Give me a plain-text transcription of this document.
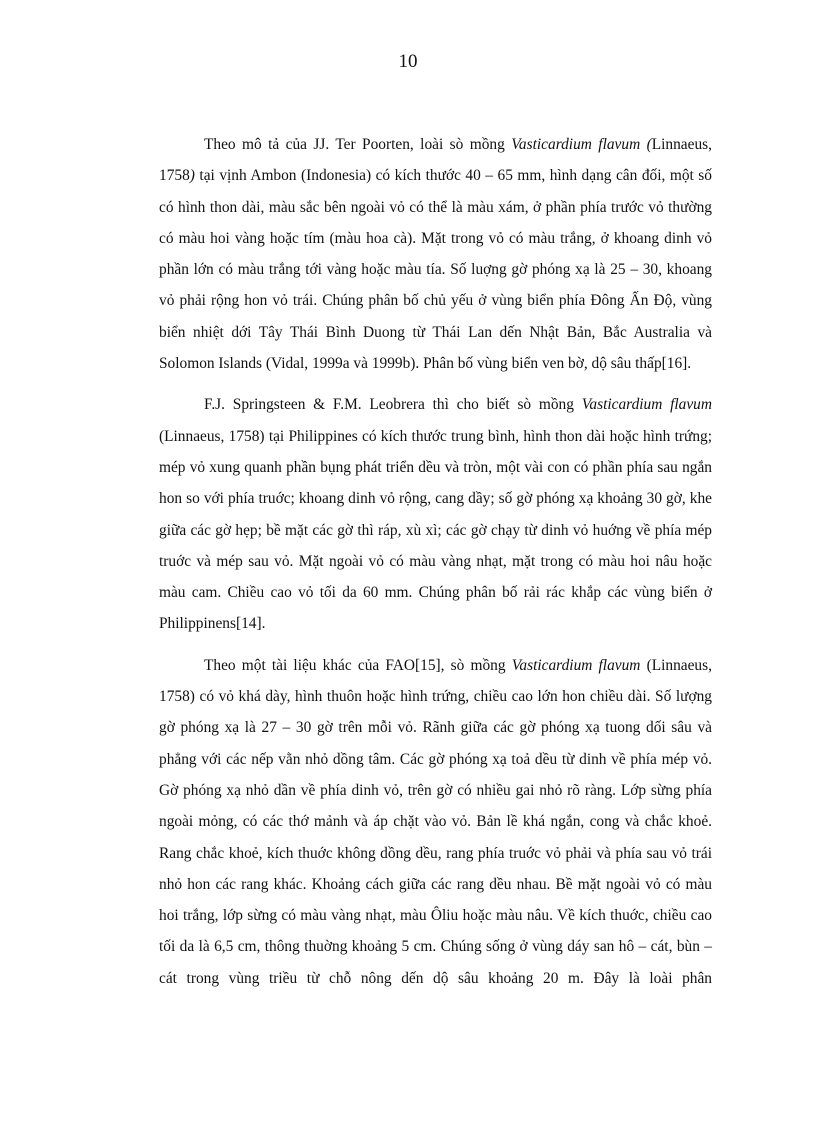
10

Theo mô tả của JJ. Ter Poorten, loài sò mồng Vasticardium flavum (Linnaeus, 1758) tại vịnh Ambon (Indonesia) có kích thước 40 – 65 mm, hình dạng cân đối, một số có hình thon dài, màu sắc bên ngoài vỏ có thể là màu xám, ở phần phía trước vỏ thường có màu hoi vàng hoặc tím (màu hoa cà). Mặt trong vỏ có màu trắng, ở khoang dinh vỏ phần lớn có màu trắng tới vàng hoặc màu tía. Số luợng gờ phóng xạ là 25 – 30, khoang vỏ phải rộng hon vỏ trái. Chúng phân bố chủ yếu ở vùng biển phía Đông Ấn Độ, vùng biển nhiệt dới Tây Thái Bình Duong từ Thái Lan dến Nhật Bản, Bắc Australia và Solomon Islands (Vidal, 1999a và 1999b). Phân bố vùng biển ven bờ, dộ sâu thấp[16].

F.J. Springsteen & F.M. Leobrera thì cho biết sò mồng Vasticardium flavum (Linnaeus, 1758) tại Philippines có kích thước trung bình, hình thon dài hoặc hình trứng; mép vỏ xung quanh phần bụng phát triển dều và tròn, một vài con có phần phía sau ngắn hon so với phía truớc; khoang dinh vỏ rộng, cang dầy; số gờ phóng xạ khoảng 30 gờ, khe giữa các gờ hẹp; bề mặt các gờ thì ráp, xù xì; các gờ chạy từ dinh vỏ huớng về phía mép truớc và mép sau vỏ. Mặt ngoài vỏ có màu vàng nhạt, mặt trong có màu hoi nâu hoặc màu cam. Chiều cao vỏ tối da 60 mm. Chúng phân bố rải rác khắp các vùng biển ở Philippinens[14].

Theo một tài liệu khác của FAO[15], sò mồng Vasticardium flavum (Linnaeus, 1758) có vỏ khá dày, hình thuôn hoặc hình trứng, chiều cao lớn hon chiều dài. Số lượng gờ phóng xạ là 27 – 30 gờ trên mỗi vỏ. Rãnh giữa các gờ phóng xạ tuong dối sâu và phẳng với các nếp vằn nhỏ dồng tâm. Các gờ phóng xạ toả dều từ dinh về phía mép vỏ. Gờ phóng xạ nhỏ dần về phía dinh vỏ, trên gờ có nhiều gai nhỏ rõ ràng. Lớp sừng phía ngoài mỏng, có các thớ mảnh và áp chặt vào vỏ. Bản lề khá ngắn, cong và chắc khoẻ. Rang chắc khoẻ, kích thuớc không dồng dều, rang phía truớc vỏ phải và phía sau vỏ trái nhỏ hon các rang khác. Khoảng cách giữa các rang dều nhau. Bề mặt ngoài vỏ có màu hoi trắng, lớp sừng có màu vàng nhạt, màu Ôliu hoặc màu nâu. Về kích thuớc, chiều cao tối da là 6,5 cm, thông thuờng khoảng 5 cm. Chúng sống ở vùng dáy san hô – cát, bùn – cát trong vùng triều từ chỗ nông dến dộ sâu khoảng 20 m. Đây là loài phân
